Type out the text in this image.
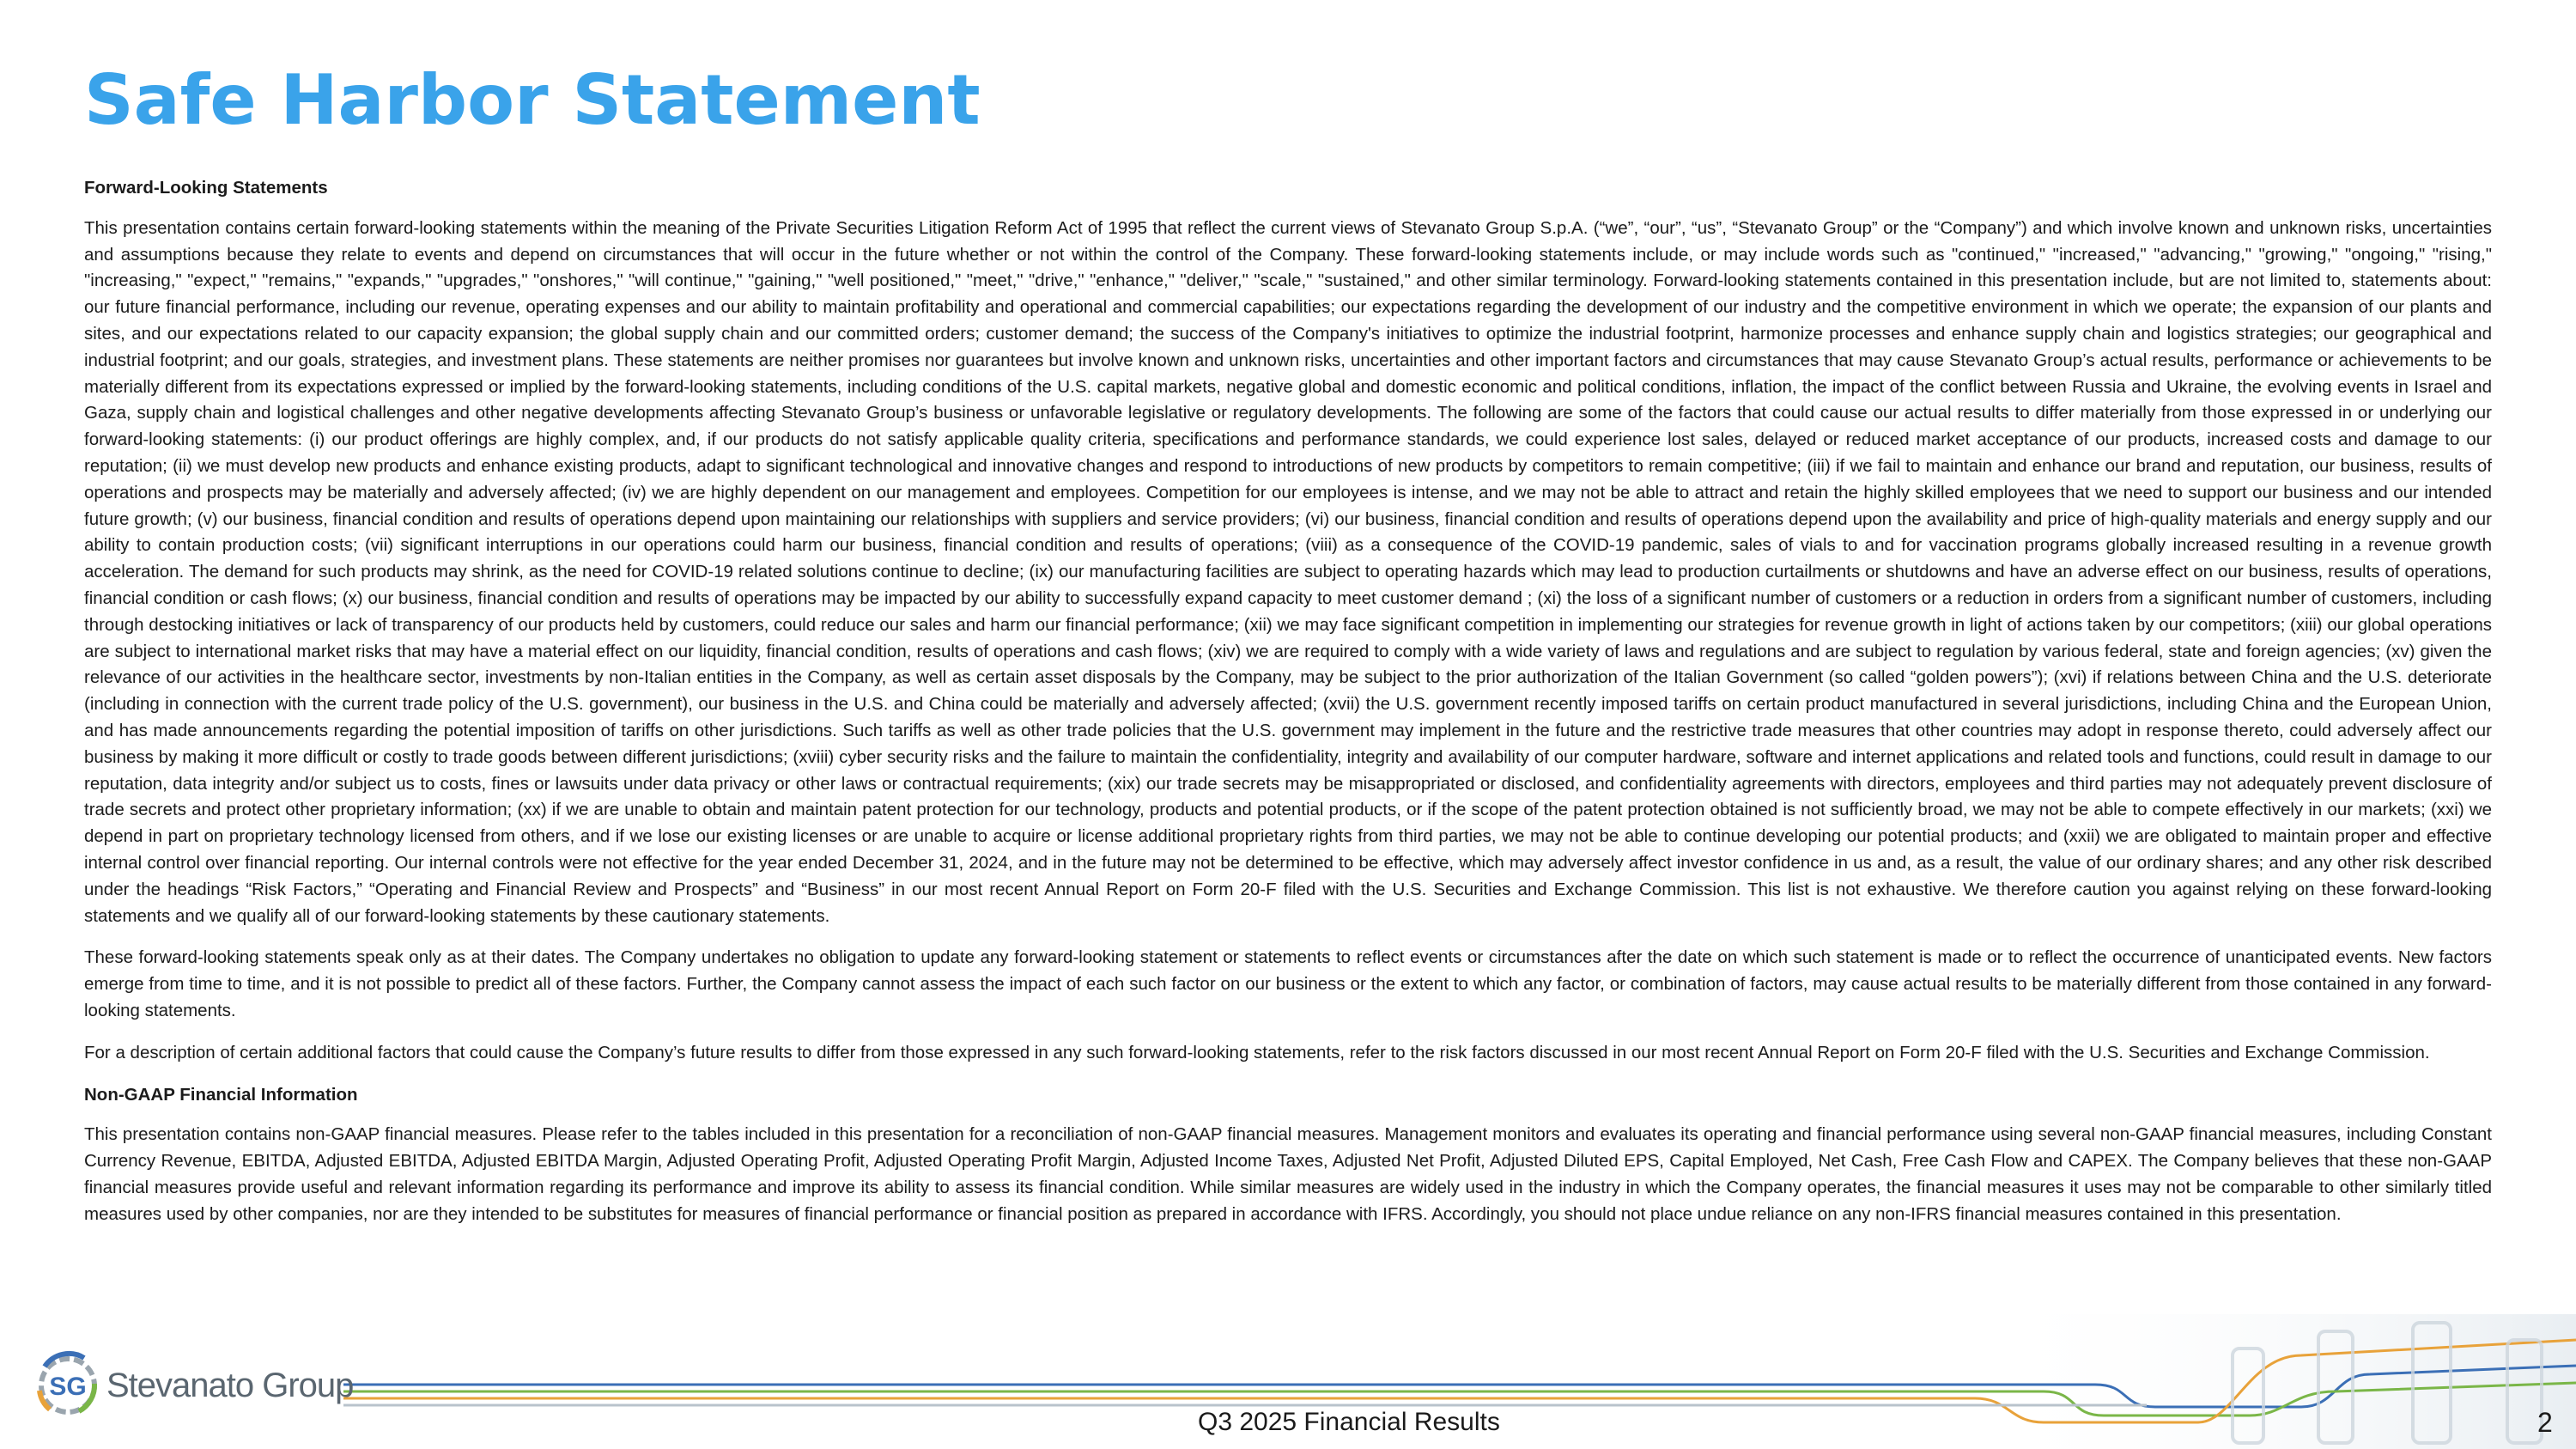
Safe Harbor Statement
Forward-Looking Statements

This presentation contains certain forward-looking statements within the meaning of the Private Securities Litigation Reform Act of 1995 that reflect the current views of Stevanato Group S.p.A. (“we”, “our”, “us”, “Stevanato Group” or the “Company”) and which involve known and unknown risks, uncertainties and assumptions because they relate to events and depend on circumstances that will occur in the future whether or not within the control of the Company. These forward-looking statements include, or may include words such as "continued," "increased," "advancing," "growing," "ongoing," "rising," "increasing," "expect," "remains," "expands," "upgrades," "onshores," "will continue," "gaining," "well positioned," "meet," "drive," "enhance," "deliver," "scale," "sustained," and other similar terminology. Forward-looking statements contained in this presentation include, but are not limited to, statements about: our future financial performance, including our revenue, operating expenses and our ability to maintain profitability and operational and commercial capabilities; our expectations regarding the development of our industry and the competitive environment in which we operate; the expansion of our plants and sites, and our expectations related to our capacity expansion; the global supply chain and our committed orders; customer demand; the success of the Company's initiatives to optimize the industrial footprint, harmonize processes and enhance supply chain and logistics strategies; our geographical and industrial footprint; and our goals, strategies, and investment plans. These statements are neither promises nor guarantees but involve known and unknown risks, uncertainties and other important factors and circumstances that may cause Stevanato Group’s actual results, performance or achievements to be materially different from its expectations expressed or implied by the forward-looking statements, including conditions of the U.S. capital markets, negative global and domestic economic and political conditions, inflation, the impact of the conflict between Russia and Ukraine, the evolving events in Israel and Gaza, supply chain and logistical challenges and other negative developments affecting Stevanato Group’s business or unfavorable legislative or regulatory developments. The following are some of the factors that could cause our actual results to differ materially from those expressed in or underlying our forward-looking statements: (i) our product offerings are highly complex, and, if our products do not satisfy applicable quality criteria, specifications and performance standards, we could experience lost sales, delayed or reduced market acceptance of our products, increased costs and damage to our reputation; (ii) we must develop new products and enhance existing products, adapt to significant technological and innovative changes and respond to introductions of new products by competitors to remain competitive; (iii) if we fail to maintain and enhance our brand and reputation, our business, results of operations and prospects may be materially and adversely affected; (iv) we are highly dependent on our management and employees. Competition for our employees is intense, and we may not be able to attract and retain the highly skilled employees that we need to support our business and our intended future growth; (v) our business, financial condition and results of operations depend upon maintaining our relationships with suppliers and service providers; (vi) our business, financial condition and results of operations depend upon the availability and price of high-quality materials and energy supply and our ability to contain production costs; (vii) significant interruptions in our operations could harm our business, financial condition and results of operations; (viii) as a consequence of the COVID-19 pandemic, sales of vials to and for vaccination programs globally increased resulting in a revenue growth acceleration. The demand for such products may shrink, as the need for COVID-19 related solutions continue to decline; (ix) our manufacturing facilities are subject to operating hazards which may lead to production curtailments or shutdowns and have an adverse effect on our business, results of operations, financial condition or cash flows; (x) our business, financial condition and results of operations may be impacted by our ability to successfully expand capacity to meet customer demand ; (xi) the loss of a significant number of customers or a reduction in orders from a significant number of customers, including through destocking initiatives or lack of transparency of our products held by customers, could reduce our sales and harm our financial performance; (xii) we may face significant competition in implementing our strategies for revenue growth in light of actions taken by our competitors; (xiii) our global operations are subject to international market risks that may have a material effect on our liquidity, financial condition, results of operations and cash flows; (xiv) we are required to comply with a wide variety of laws and regulations and are subject to regulation by various federal, state and foreign agencies; (xv) given the relevance of our activities in the healthcare sector, investments by non-Italian entities in the Company, as well as certain asset disposals by the Company, may be subject to the prior authorization of the Italian Government (so called “golden powers”); (xvi) if relations between China and the U.S. deteriorate (including in connection with the current trade policy of the U.S. government), our business in the U.S. and China could be materially and adversely affected; (xvii) the U.S. government recently imposed tariffs on certain product manufactured in several jurisdictions, including China and the European Union, and has made announcements regarding the potential imposition of tariffs on other jurisdictions. Such tariffs as well as other trade policies that the U.S. government may implement in the future and the restrictive trade measures that other countries may adopt in response thereto, could adversely affect our business by making it more difficult or costly to trade goods between different jurisdictions; (xviii) cyber security risks and the failure to maintain the confidentiality, integrity and availability of our computer hardware, software and internet applications and related tools and functions, could result in damage to our reputation, data integrity and/or subject us to costs, fines or lawsuits under data privacy or other laws or contractual requirements; (xix) our trade secrets may be misappropriated or disclosed, and confidentiality agreements with directors, employees and third parties may not adequately prevent disclosure of trade secrets and protect other proprietary information; (xx) if we are unable to obtain and maintain patent protection for our technology, products and potential products, or if the scope of the patent protection obtained is not sufficiently broad, we may not be able to compete effectively in our markets; (xxi) we depend in part on proprietary technology licensed from others, and if we lose our existing licenses or are unable to acquire or license additional proprietary rights from third parties, we may not be able to continue developing our potential products; and (xxii) we are obligated to maintain proper and effective internal control over financial reporting. Our internal controls were not effective for the year ended December 31, 2024, and in the future may not be determined to be effective, which may adversely affect investor confidence in us and, as a result, the value of our ordinary shares; and any other risk described under the headings “Risk Factors,” “Operating and Financial Review and Prospects” and “Business” in our most recent Annual Report on Form 20-F filed with the U.S. Securities and Exchange Commission. This list is not exhaustive. We therefore caution you against relying on these forward-looking statements and we qualify all of our forward-looking statements by these cautionary statements.

These forward-looking statements speak only as at their dates. The Company undertakes no obligation to update any forward-looking statement or statements to reflect events or circumstances after the date on which such statement is made or to reflect the occurrence of unanticipated events. New factors emerge from time to time, and it is not possible to predict all of these factors. Further, the Company cannot assess the impact of each such factor on our business or the extent to which any factor, or combination of factors, may cause actual results to be materially different from those contained in any forward-looking statements.

For a description of certain additional factors that could cause the Company’s future results to differ from those expressed in any such forward-looking statements, refer to the risk factors discussed in our most recent Annual Report on Form 20-F filed with the U.S. Securities and Exchange Commission.

Non-GAAP Financial Information

This presentation contains non-GAAP financial measures. Please refer to the tables included in this presentation for a reconciliation of non-GAAP financial measures. Management monitors and evaluates its operating and financial performance using several non-GAAP financial measures, including Constant Currency Revenue, EBITDA, Adjusted EBITDA, Adjusted EBITDA Margin, Adjusted Operating Profit, Adjusted Operating Profit Margin, Adjusted Income Taxes, Adjusted Net Profit, Adjusted Diluted EPS, Capital Employed, Net Cash, Free Cash Flow and CAPEX. The Company believes that these non-GAAP financial measures provide useful and relevant information regarding its performance and improve its ability to assess its financial condition. While similar measures are widely used in the industry in which the Company operates, the financial measures it uses may not be comparable to other similarly titled measures used by other companies, nor are they intended to be substitutes for measures of financial performance or financial position as prepared in accordance with IFRS. Accordingly, you should not place undue reliance on any non-IFRS financial measures contained in this presentation.

SG Stevanato Group
Q3 2025 Financial Results	2
